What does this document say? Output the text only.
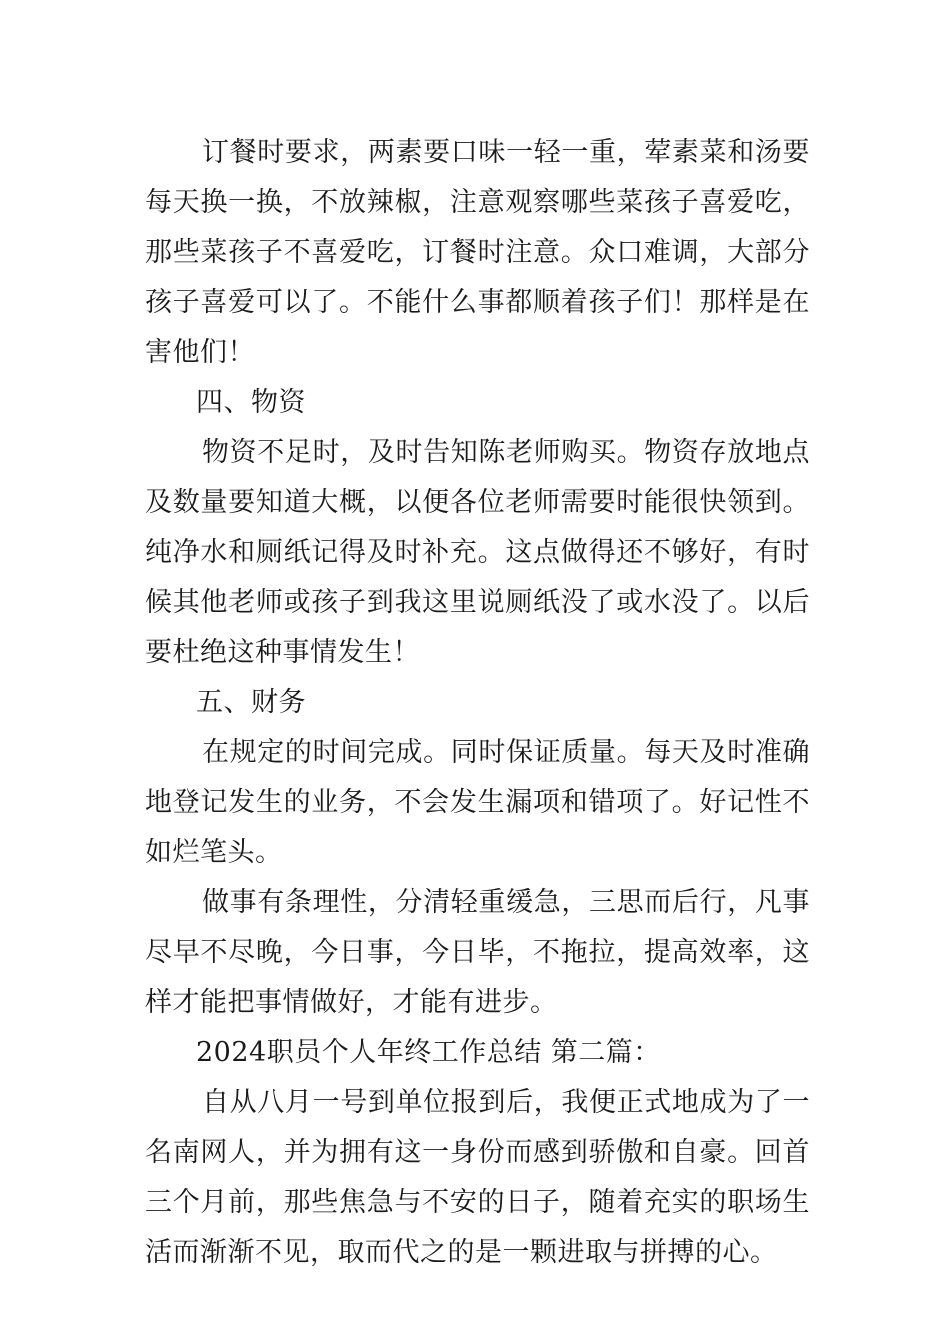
订餐时要求，两素要口味一轻一重，荤素菜和汤要每天换一换，不放辣椒，注意观察哪些菜孩子喜爱吃，那些菜孩子不喜爱吃，订餐时注意。众口难调，大部分孩子喜爱可以了。不能什么事都顺着孩子们！那样是在害他们！

四、物资

物资不足时，及时告知陈老师购买。物资存放地点及数量要知道大概，以便各位老师需要时能很快领到。纯净水和厕纸记得及时补充。这点做得还不够好，有时候其他老师或孩子到我这里说厕纸没了或水没了。以后要杜绝这种事情发生！

五、财务

在规定的时间完成。同时保证质量。每天及时准确地登记发生的业务，不会发生漏项和错项了。好记性不如烂笔头。

做事有条理性，分清轻重缓急，三思而后行，凡事尽早不尽晚，今日事，今日毕，不拖拉，提高效率，这样才能把事情做好，才能有进步。

2024职员个人年终工作总结 第二篇：

自从八月一号到单位报到后，我便正式地成为了一名南网人，并为拥有这一身份而感到骄傲和自豪。回首三个月前，那些焦急与不安的日子，随着充实的职场生活而渐渐不见，取而代之的是一颗进取与拼搏的心。
